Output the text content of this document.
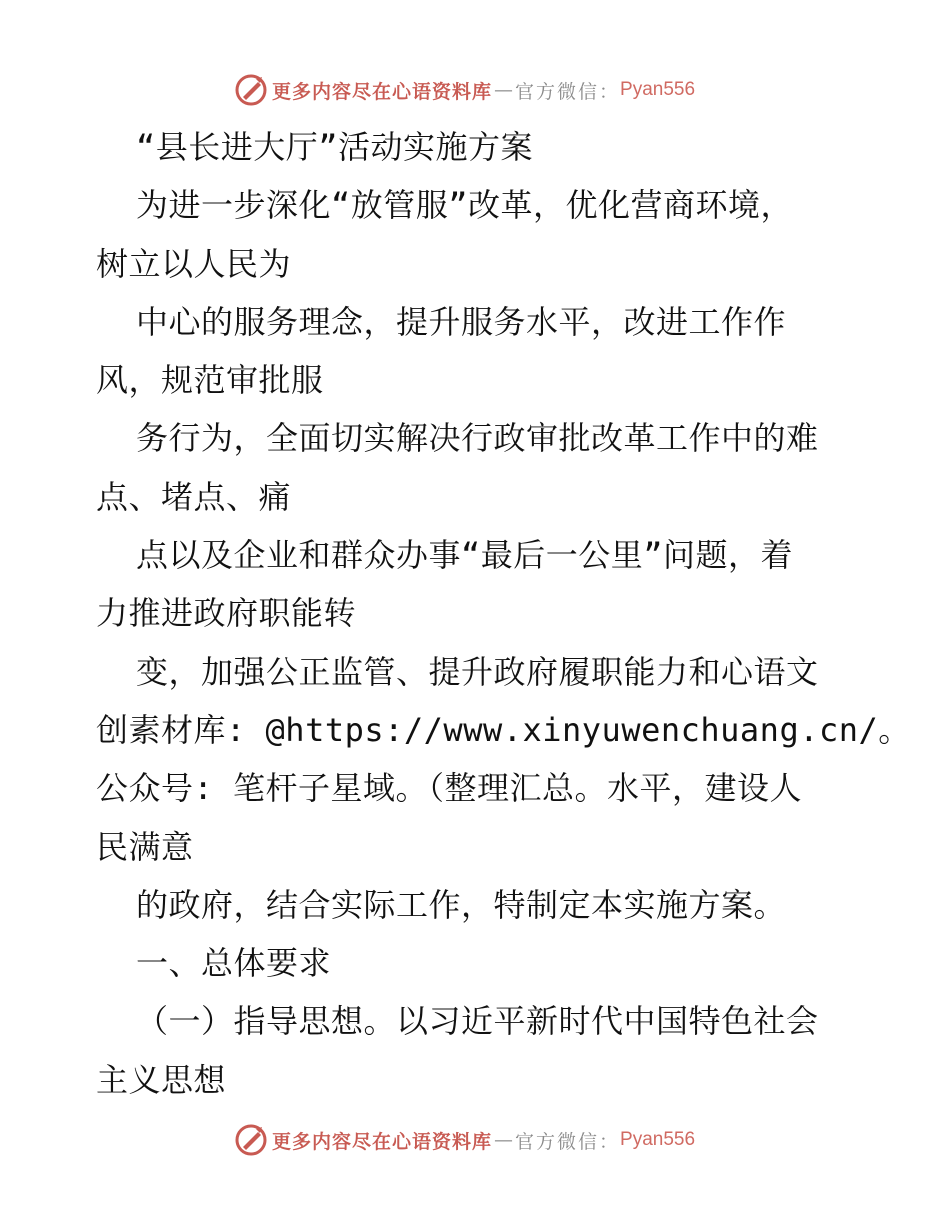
更多内容尽在心语资料库 — 官方微信： Pyan556
“县长进大厅”活动实施方案
为进一步深化“放管服”改革，优化营商环境，
树立以人民为
中心的服务理念，提升服务水平，改进工作作
风，规范审批服
务行为，全面切实解决行政审批改革工作中的难
点、堵点、痛
点以及企业和群众办事“最后一公里”问题，着
力推进政府职能转
变，加强公正监管、提升政府履职能力和心语文
创素材库: @https://www.xinyuwenchuang.cn/。
公众号: 笔杆子星域。（整理汇总。水平，建设人
民满意
的政府，结合实际工作，特制定本实施方案。
一、总体要求
（一）指导思想。以习近平新时代中国特色社会
主义思想
更多内容尽在心语资料库 — 官方微信： Pyan556
